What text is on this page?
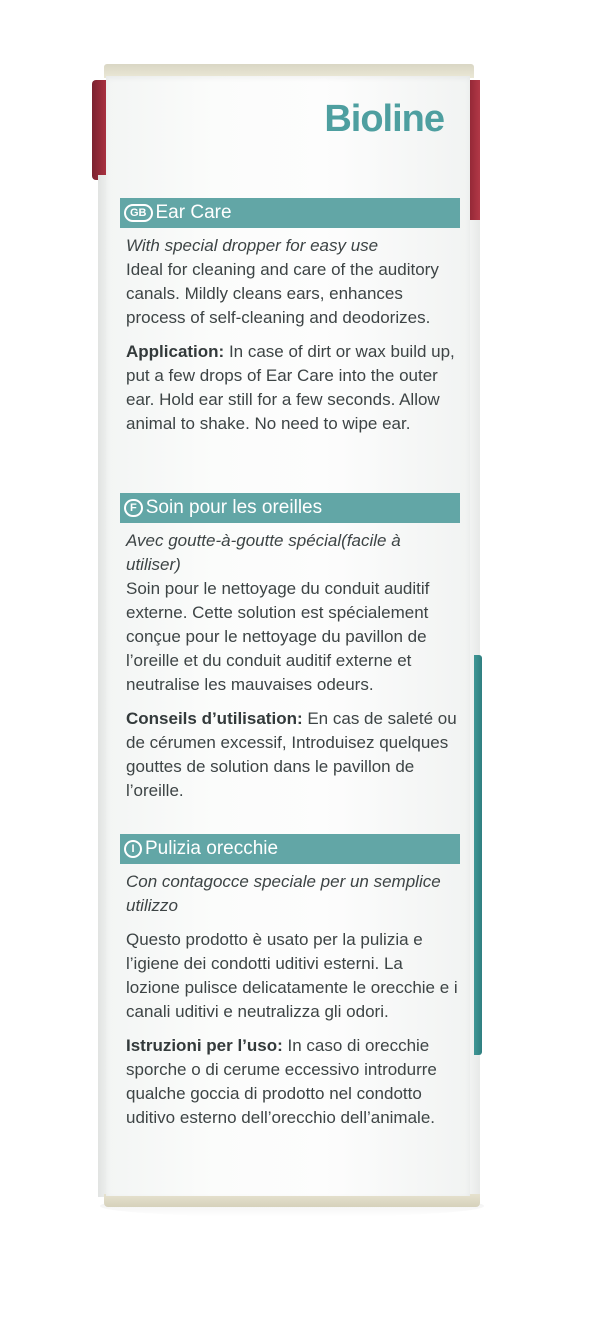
Bioline
GB Ear Care

With special dropper for easy use

Ideal for cleaning and care of the auditory canals. Mildly cleans ears, enhances process of self-cleaning and deodorizes.

Application: In case of dirt or wax build up, put a few drops of Ear Care into the outer ear. Hold ear still for a few seconds. Allow animal to shake. No need to wipe ear.

F Soin pour les oreilles

Avec goutte-à-goutte spécial(facile à utiliser)

Soin pour le nettoyage du conduit auditif externe. Cette solution est spécialement conçue pour le nettoyage du pavillon de l’oreille et du conduit auditif externe et neutralise les mauvaises odeurs.

Conseils d’utilisation: En cas de saleté ou de cérumen excessif, Introduisez quelques gouttes de solution dans le pavillon de l’oreille.

I Pulizia orecchie

Con contagocce speciale per un semplice utilizzo

Questo prodotto è usato per la pulizia e l’igiene dei condotti uditivi esterni. La lozione pulisce delicatamente le orecchie e i canali uditivi e neutralizza gli odori.

Istruzioni per l’uso: In caso di orecchie sporche o di cerume eccessivo introdurre qualche goccia di prodotto nel condotto uditivo esterno dell’orecchio dell’animale.
